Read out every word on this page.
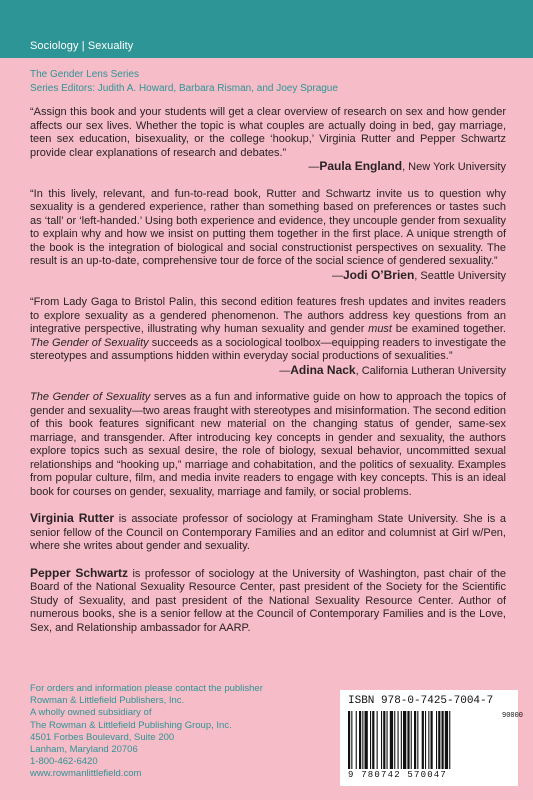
Sociology | Sexuality
The Gender Lens Series
Series Editors: Judith A. Howard, Barbara Risman, and Joey Sprague
“Assign this book and your students will get a clear overview of research on sex and how gender affects our sex lives. Whether the topic is what couples are actually doing in bed, gay marriage, teen sex education, bisexuality, or the college ‘hookup,’ Virginia Rutter and Pepper Schwartz provide clear explanations of research and debates.”
—Paula England, New York University
“In this lively, relevant, and fun-to-read book, Rutter and Schwartz invite us to question why sexuality is a gendered experience, rather than something based on preferences or tastes such as ‘tall’ or ‘left-handed.’ Using both experience and evidence, they uncouple gender from sexuality to explain why and how we insist on putting them together in the first place. A unique strength of the book is the integration of biological and social constructionist perspectives on sexuality. The result is an up-to-date, comprehensive tour de force of the social science of gendered sexuality.”
—Jodi O’Brien, Seattle University
“From Lady Gaga to Bristol Palin, this second edition features fresh updates and invites readers to explore sexuality as a gendered phenomenon. The authors address key questions from an integrative perspective, illustrating why human sexuality and gender must be examined together. The Gender of Sexuality succeeds as a sociological toolbox—equipping readers to investigate the stereotypes and assumptions hidden within everyday social productions of sexualities.”
—Adina Nack, California Lutheran University

The Gender of Sexuality serves as a fun and informative guide on how to approach the topics of gender and sexuality—two areas fraught with stereotypes and misinformation. The second edition of this book features significant new material on the changing status of gender, same-sex marriage, and transgender. After introducing key concepts in gender and sexuality, the authors explore topics such as sexual desire, the role of biology, sexual behavior, uncommitted sexual relationships and “hooking up,” marriage and cohabitation, and the politics of sexuality. Examples from popular culture, film, and media invite readers to engage with key concepts. This is an ideal book for courses on gender, sexuality, marriage and family, or social problems.

Virginia Rutter is associate professor of sociology at Framingham State University. She is a senior fellow of the Council on Contemporary Families and an editor and columnist at Girl w/Pen, where she writes about gender and sexuality.

Pepper Schwartz is professor of sociology at the University of Washington, past chair of the Board of the National Sexuality Resource Center, past president of the Society for the Scientific Study of Sexuality, and past president of the National Sexuality Resource Center. Author of numerous books, she is a senior fellow at the Council of Contemporary Families and is the Love, Sex, and Relationship ambassador for AARP.

For orders and information please contact the publisher
Rowman & Littlefield Publishers, Inc.
A wholly owned subsidiary of
The Rowman & Littlefield Publishing Group, Inc.
4501 Forbes Boulevard, Suite 200
Lanham, Maryland 20706
1-800-462-6420
www.rowmanlittlefield.com
ISBN 978-0-7425-7004-7
90000
9 780742 570047
